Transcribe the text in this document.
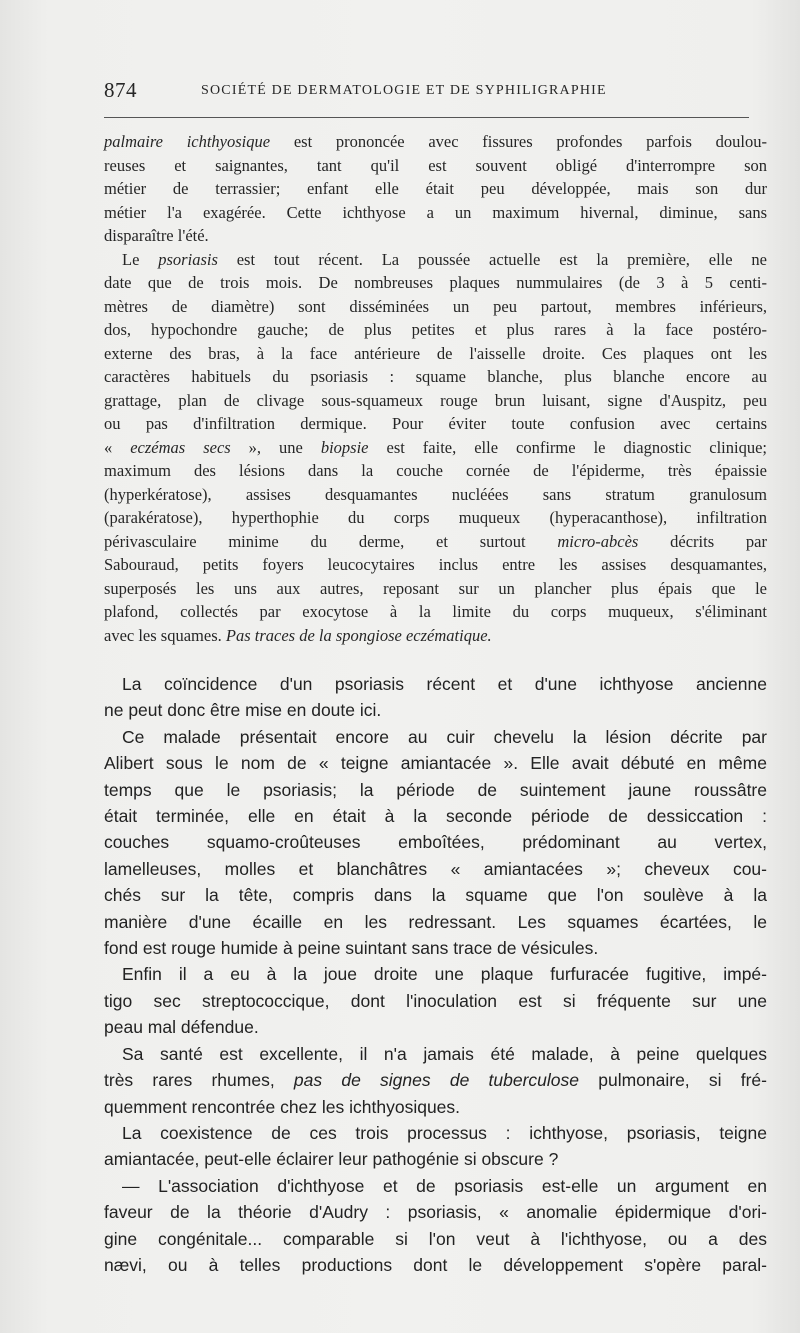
874	SOCIÉTÉ DE DERMATOLOGIE ET DE SYPHILIGRAPHIE

palmaire ichthyosique est prononcée avec fissures profondes parfois doulou-
reuses et saignantes, tant qu'il est souvent obligé d'interrompre son
métier de terrassier; enfant elle était peu développée, mais son dur
métier l'a exagérée. Cette ichthyose a un maximum hivernal, diminue, sans
disparaître l'été.

Le psoriasis est tout récent. La poussée actuelle est la première, elle ne
date que de trois mois. De nombreuses plaques nummulaires (de 3 à 5 centi-
mètres de diamètre) sont disséminées un peu partout, membres inférieurs,
dos, hypochondre gauche; de plus petites et plus rares à la face postéro-
externe des bras, à la face antérieure de l'aisselle droite. Ces plaques ont les
caractères habituels du psoriasis : squame blanche, plus blanche encore au
grattage, plan de clivage sous-squameux rouge brun luisant, signe d'Auspitz, peu
ou pas d'infiltration dermique. Pour éviter toute confusion avec certains
« eczémas secs », une biopsie est faite, elle confirme le diagnostic clinique;
maximum des lésions dans la couche cornée de l'épiderme, très épaissie
(hyperkératose), assises desquamantes nucléées sans stratum granulosum
(parakératose), hyperthophie du corps muqueux (hyperacanthose), infiltration
périvasculaire minime du derme, et surtout micro-abcès décrits par
Sabouraud, petits foyers leucocytaires inclus entre les assises desquamantes,
superposés les uns aux autres, reposant sur un plancher plus épais que le
plafond, collectés par exocytose à la limite du corps muqueux, s'éliminant
avec les squames. Pas traces de la spongiose eczématique.

La coïncidence d'un psoriasis récent et d'une ichthyose ancienne
ne peut donc être mise en doute ici.
Ce malade présentait encore au cuir chevelu la lésion décrite par
Alibert sous le nom de « teigne amiantacée ». Elle avait débuté en même
temps que le psoriasis; la période de suintement jaune roussâtre
était terminée, elle en était à la seconde période de dessiccation :
couches squamo-croûteuses emboîtées, prédominant au vertex,
lamelleuses, molles et blanchâtres « amiantacées »; cheveux cou-
chés sur la tête, compris dans la squame que l'on soulève à la
manière d'une écaille en les redressant. Les squames écartées, le
fond est rouge humide à peine suintant sans trace de vésicules.
Enfin il a eu à la joue droite une plaque furfuracée fugitive, impé-
tigo sec streptococcique, dont l'inoculation est si fréquente sur une
peau mal défendue.
Sa santé est excellente, il n'a jamais été malade, à peine quelques
très rares rhumes, pas de signes de tuberculose pulmonaire, si fré-
quemment rencontrée chez les ichthyosiques.
La coexistence de ces trois processus : ichthyose, psoriasis, teigne
amiantacée, peut-elle éclairer leur pathogénie si obscure ?
— L'association d'ichthyose et de psoriasis est-elle un argument en
faveur de la théorie d'Audry : psoriasis, « anomalie épidermique d'ori-
gine congénitale... comparable si l'on veut à l'ichthyose, ou a des
nævi, ou à telles productions dont le développement s'opère paral-
